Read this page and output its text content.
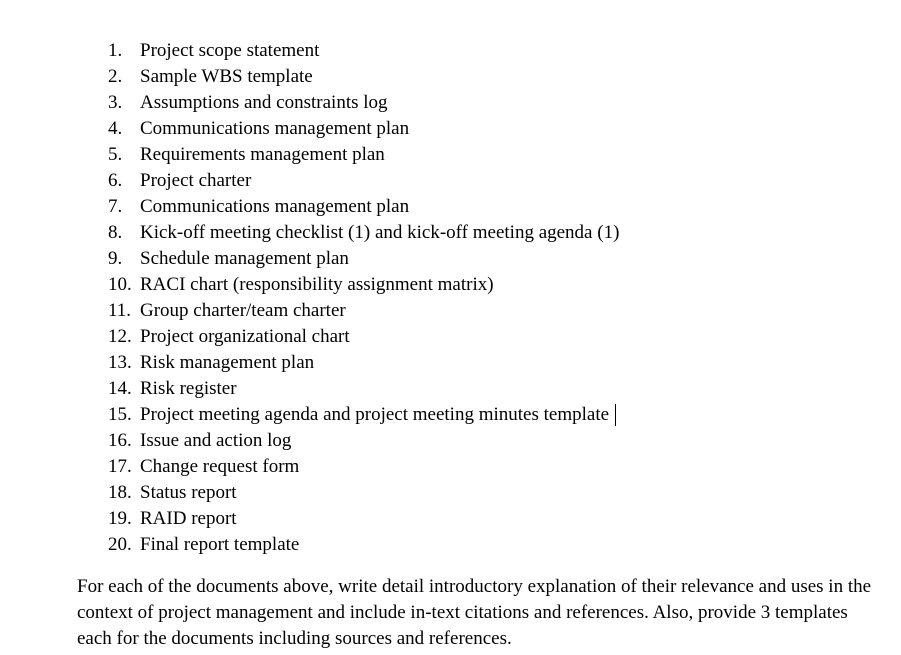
1. Project scope statement
2. Sample WBS template
3. Assumptions and constraints log
4. Communications management plan
5. Requirements management plan
6. Project charter
7. Communications management plan
8. Kick-off meeting checklist (1) and kick-off meeting agenda (1)
9. Schedule management plan
10. RACI chart (responsibility assignment matrix)
11. Group charter/team charter
12. Project organizational chart
13. Risk management plan
14. Risk register
15. Project meeting agenda and project meeting minutes template
16. Issue and action log
17. Change request form
18. Status report
19. RAID report
20. Final report template

For each of the documents above, write detail introductory explanation of their relevance and uses in the context of project management and include in-text citations and references. Also, provide 3 templates each for the documents including sources and references.
